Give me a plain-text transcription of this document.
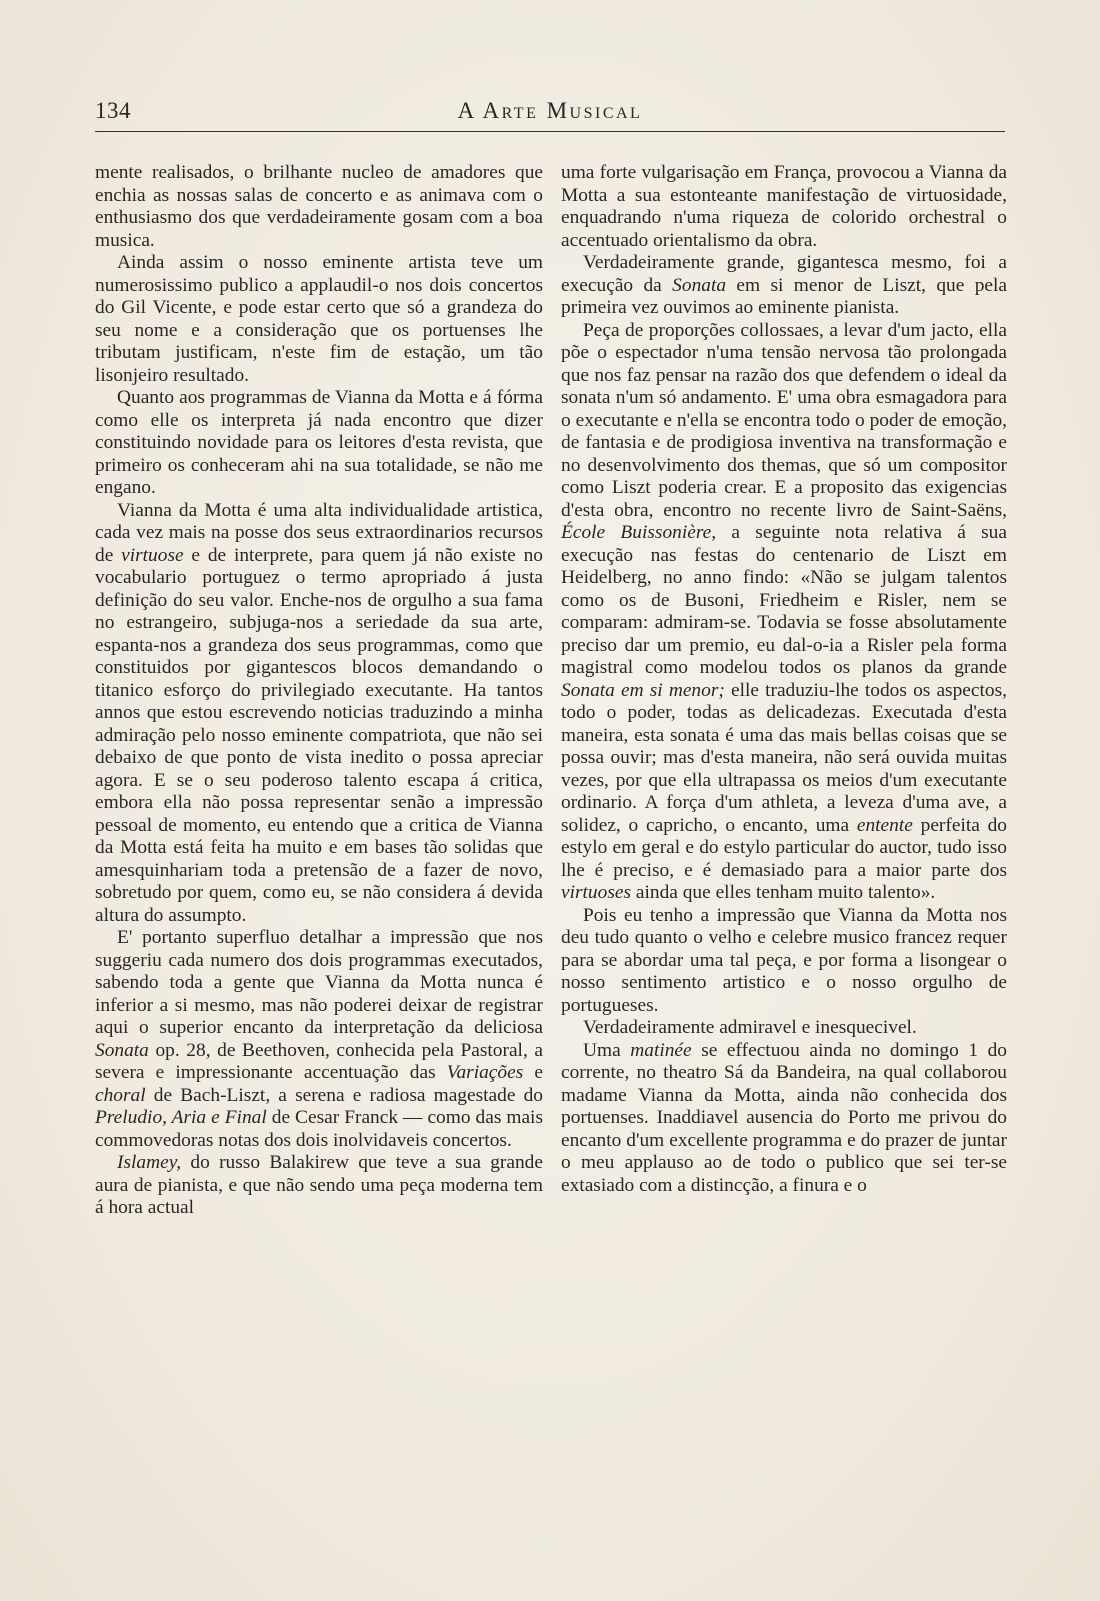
134	A Arte Musical

mente realisados, o brilhante nucleo de amadores que enchia as nossas salas de concerto e as animava com o enthusiasmo dos que verdadeiramente gosam com a boa musica.

Ainda assim o nosso eminente artista teve um numerosissimo publico a applaudil-o nos dois concertos do Gil Vicente, e pode estar certo que só a grandeza do seu nome e a consideração que os portuenses lhe tributam justificam, n'este fim de estação, um tão lisonjeiro resultado.

Quanto aos programmas de Vianna da Motta e á fórma como elle os interpreta já nada encontro que dizer constituindo novidade para os leitores d'esta revista, que primeiro os conheceram ahi na sua totalidade, se não me engano.

Vianna da Motta é uma alta individualidade artistica, cada vez mais na posse dos seus extraordinarios recursos de virtuose e de interprete, para quem já não existe no vocabulario portuguez o termo apropriado á justa definição do seu valor. Enche-nos de orgulho a sua fama no estrangeiro, subjuga-nos a seriedade da sua arte, espanta-nos a grandeza dos seus programmas, como que constituidos por gigantescos blocos demandando o titanico esforço do privilegiado executante. Ha tantos annos que estou escrevendo noticias traduzindo a minha admiração pelo nosso eminente compatriota, que não sei debaixo de que ponto de vista inedito o possa apreciar agora. E se o seu poderoso talento escapa á critica, embora ella não possa representar senão a impressão pessoal de momento, eu entendo que a critica de Vianna da Motta está feita ha muito e em bases tão solidas que amesquinhariam toda a pretensão de a fazer de novo, sobretudo por quem, como eu, se não considera á devida altura do assumpto.

E' portanto superfluo detalhar a impressão que nos suggeriu cada numero dos dois programmas executados, sabendo toda a gente que Vianna da Motta nunca é inferior a si mesmo, mas não poderei deixar de registrar aqui o superior encanto da interpretação da deliciosa Sonata op. 28, de Beethoven, conhecida pela Pastoral, a severa e impressionante accentuação das Variações e choral de Bach-Liszt, a serena e radiosa magestade do Preludio, Aria e Final de Cesar Franck — como das mais commovedoras notas dos dois inolvidaveis concertos.

Islamey, do russo Balakirew que teve a sua grande aura de pianista, e que não sendo uma peça moderna tem á hora actual

uma forte vulgarisação em França, provocou a Vianna da Motta a sua estonteante manifestação de virtuosidade, enquadrando n'uma riqueza de colorido orchestral o accentuado orientalismo da obra.

Verdadeiramente grande, gigantesca mesmo, foi a execução da Sonata em si menor de Liszt, que pela primeira vez ouvimos ao eminente pianista.

Peça de proporções collossaes, a levar d'um jacto, ella põe o espectador n'uma tensão nervosa tão prolongada que nos faz pensar na razão dos que defendem o ideal da sonata n'um só andamento. E' uma obra esmagadora para o executante e n'ella se encontra todo o poder de emoção, de fantasia e de prodigiosa inventiva na transformação e no desenvolvimento dos themas, que só um compositor como Liszt poderia crear. E a proposito das exigencias d'esta obra, encontro no recente livro de Saint-Saëns, École Buissonière, a seguinte nota relativa á sua execução nas festas do centenario de Liszt em Heidelberg, no anno findo: «Não se julgam talentos como os de Busoni, Friedheim e Risler, nem se comparam: admiram-se. Todavia se fosse absolutamente preciso dar um premio, eu dal-o-ia a Risler pela forma magistral como modelou todos os planos da grande Sonata em si menor; elle traduziu-lhe todos os aspectos, todo o poder, todas as delicadezas. Executada d'esta maneira, esta sonata é uma das mais bellas coisas que se possa ouvir; mas d'esta maneira, não será ouvida muitas vezes, por que ella ultrapassa os meios d'um executante ordinario. A força d'um athleta, a leveza d'uma ave, a solidez, o capricho, o encanto, uma entente perfeita do estylo em geral e do estylo particular do auctor, tudo isso lhe é preciso, e é demasiado para a maior parte dos virtuoses ainda que elles tenham muito talento».

Pois eu tenho a impressão que Vianna da Motta nos deu tudo quanto o velho e celebre musico francez requer para se abordar uma tal peça, e por forma a lisongear o nosso sentimento artistico e o nosso orgulho de portugueses.

Verdadeiramente admiravel e inesquecivel.

Uma matinée se effectuou ainda no domingo 1 do corrente, no theatro Sá da Bandeira, na qual collaborou madame Vianna da Motta, ainda não conhecida dos portuenses. Inaddiavel ausencia do Porto me privou do encanto d'um excellente programma e do prazer de juntar o meu applauso ao de todo o publico que sei ter-se extasiado com a distincção, a finura e o
